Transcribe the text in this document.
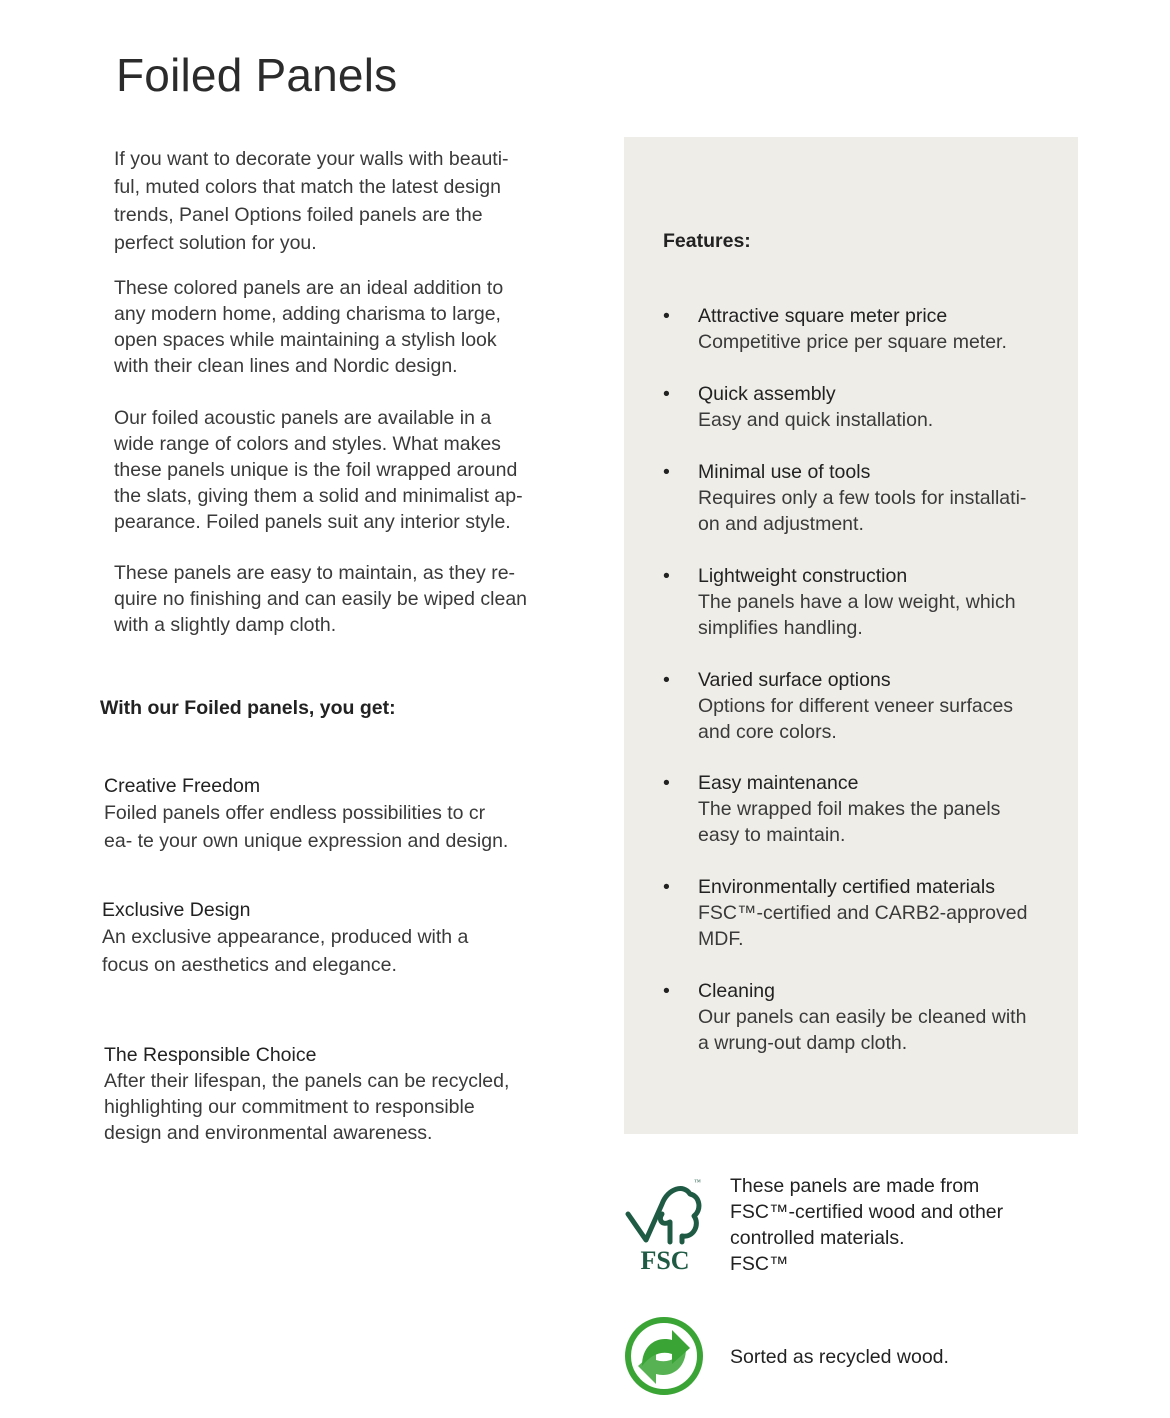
Foiled Panels

If you want to decorate your walls with beauti-
ful, muted colors that match the latest design
trends, Panel Options foiled panels are the
perfect solution for you.

These colored panels are an ideal addition to
any modern home, adding charisma to large,
open spaces while maintaining a stylish look
with their clean lines and Nordic design.

Our foiled acoustic panels are available in a
wide range of colors and styles. What makes
these panels unique is the foil wrapped around
the slats, giving them a solid and minimalist ap-
pearance. Foiled panels suit any interior style.

These panels are easy to maintain, as they re-
quire no finishing and can easily be wiped clean
with a slightly damp cloth.

With our Foiled panels, you get:
Creative Freedom
Foiled panels offer endless possibilities to cr
ea- te your own unique expression and design.
Exclusive Design
An exclusive appearance, produced with a
focus on aesthetics and elegance.
The Responsible Choice
After their lifespan, the panels can be recycled,
highlighting our commitment to responsible
design and environmental awareness.
Features:
• Attractive square meter price
Competitive price per square meter.
• Quick assembly
Easy and quick installation.
• Minimal use of tools
Requires only a few tools for installati-
on and adjustment.
• Lightweight construction
The panels have a low weight, which
simplifies handling.
• Varied surface options
Options for different veneer surfaces
and core colors.
• Easy maintenance
The wrapped foil makes the panels
easy to maintain.
• Environmentally certified materials
FSC™-certified and CARB2-approved
MDF.
• Cleaning
Our panels can easily be cleaned with
a wrung-out damp cloth.
™
FSC

These panels are made from
FSC™-certified wood and other
controlled materials.
FSC™

Sorted as recycled wood.
